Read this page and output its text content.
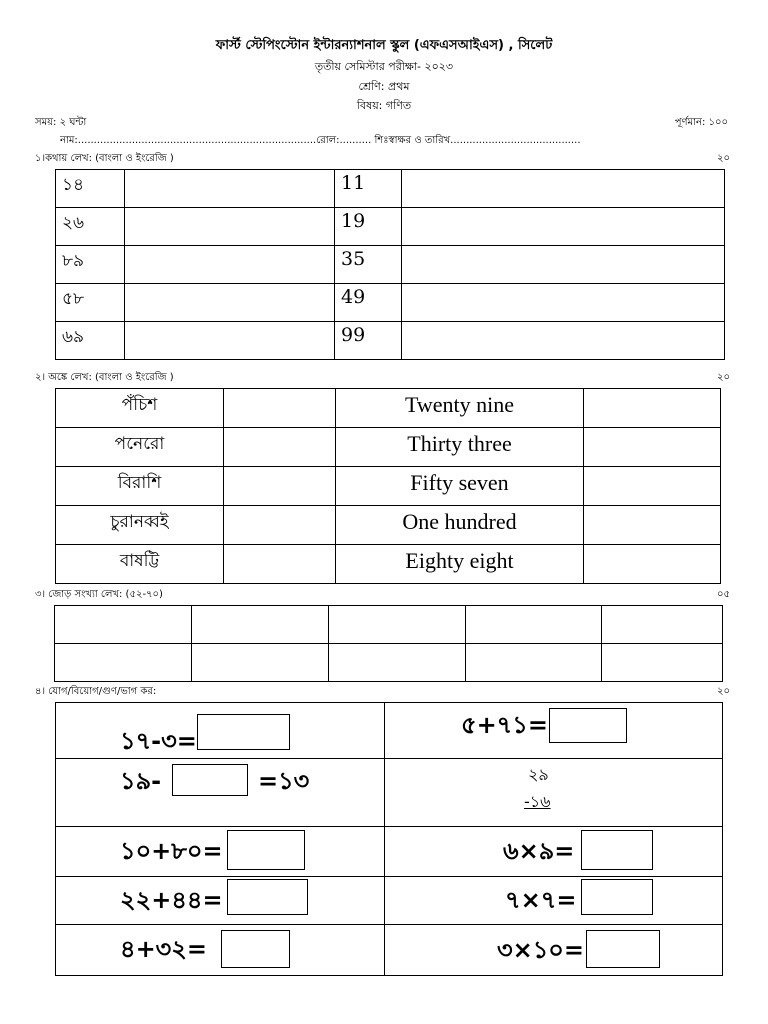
ফার্স্ট স্টেপিংস্টোন ইন্টারন্যাশনাল স্কুল (এফএসআইএস) , সিলেট
তৃতীয় সেমিস্টার পরীক্ষা- ২০২৩
শ্রেণি: প্রথম
বিষয়: গণিত
সময়: ২ ঘন্টা	পূর্ণমান: ১০০
নাম:...........................................................................রোল:.......... শিঃস্বাক্ষর ও তারিখ.........................................
১।কথায় লেখ: (বাংলা ও ইংরেজি )	২০
১৪		11	
২৬		19	
৮৯		35	
৫৮		49	
৬৯		99	
২। অঙ্কে লেখ: (বাংলা ও ইংরেজি )	২০
পঁচিশ		Twenty nine	
পনেরো		Thirty three	
বিরাশি		Fifty seven	
চুরানব্বই		One hundred	
বাষট্টি		Eighty eight	
৩। জোড় সংখ্যা লেখ: (৫২-৭০)	০৫

৪। যোগ/বিয়োগ/গুণ/ভাগ কর:	২০
১৭-৩=	৫+৭১=

১৯- =১৩	২৯
-১৬

১০+৮০=	৬×৯=

২২+৪৪=	৭×৭=

৪+৩২=	৩×১০=
